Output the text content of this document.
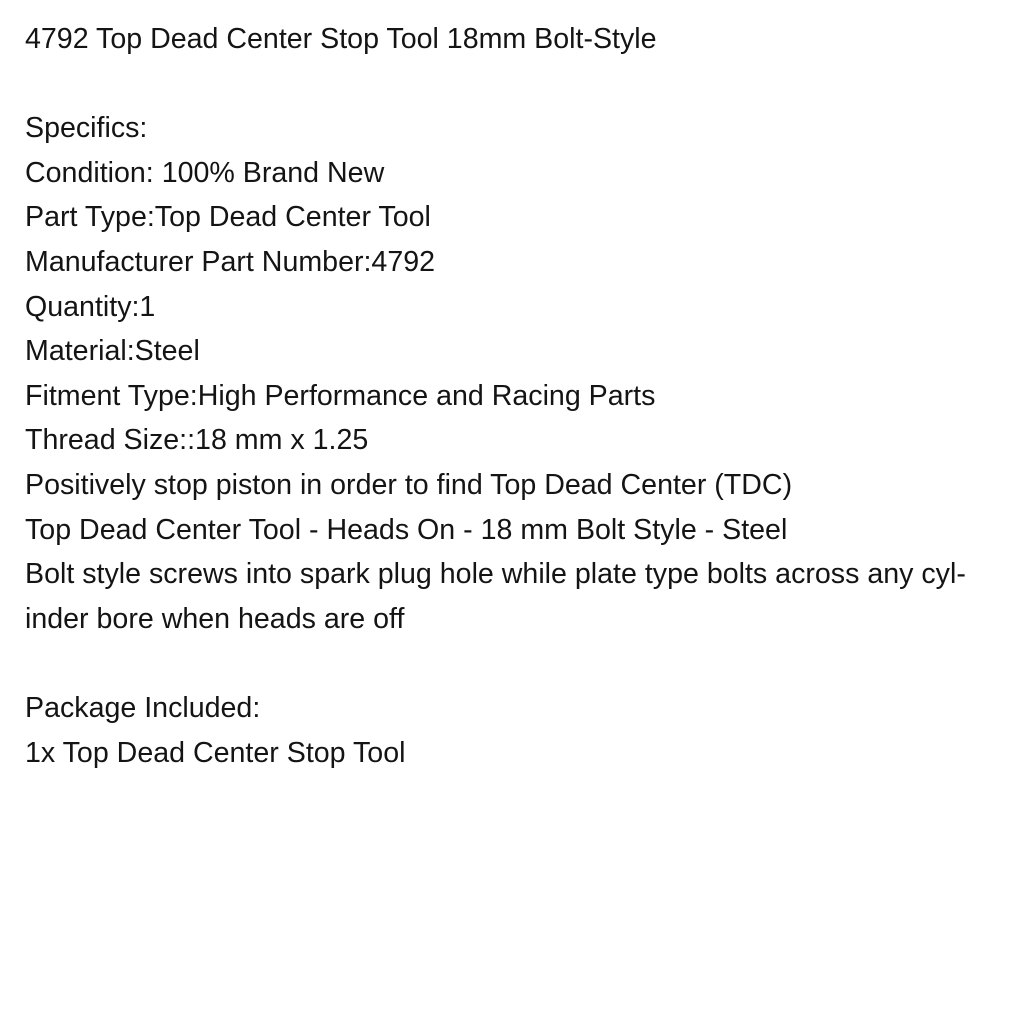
4792 Top Dead Center Stop Tool 18mm Bolt-Style

Specifics:

Condition: 100% Brand New

Part Type:Top Dead Center Tool

Manufacturer Part Number:4792

Quantity:1

Material:Steel

Fitment Type:High Performance and Racing Parts

Thread Size::18 mm x 1.25

Positively stop piston in order to find Top Dead Center (TDC)

Top Dead Center Tool - Heads On - 18 mm Bolt Style - Steel

Bolt style screws into spark plug hole while plate type bolts across any cyl-

inder bore when heads are off

Package Included:

1x Top Dead Center Stop Tool
